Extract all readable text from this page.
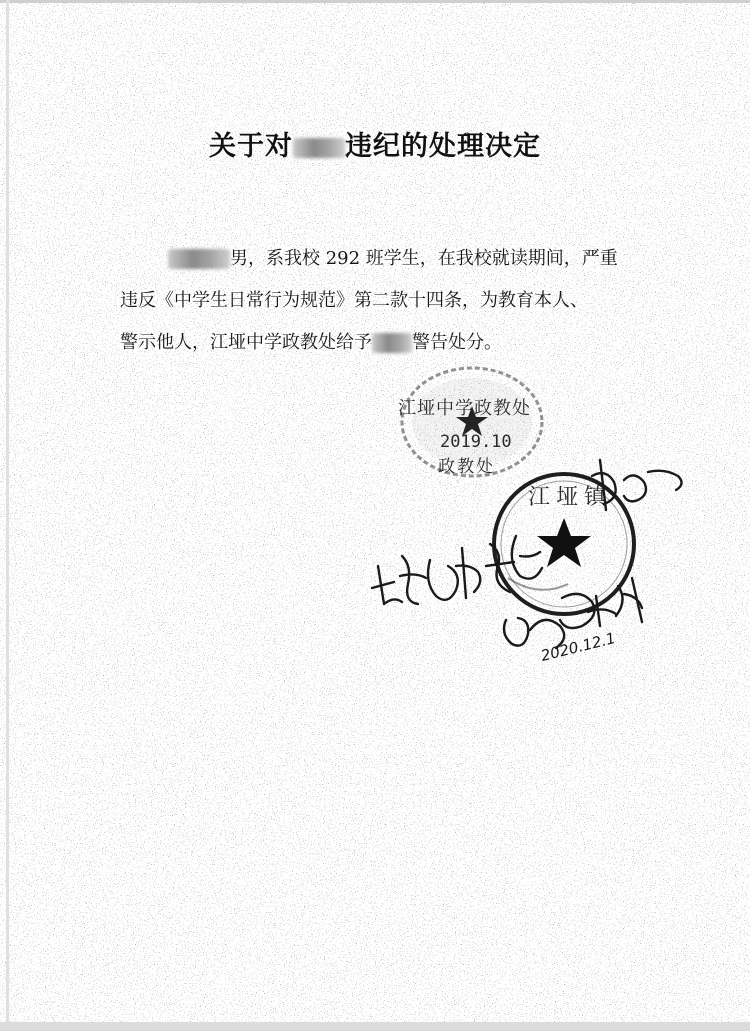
关于对 违纪的处理决定

男，系我校 292 班学生，在我校就读期间，严重

违反《中学生日常行为规范》第二款十四条，为教育本人、

警示他人，江垭中学政教处给予 警告处分。

江垭中学政教处
2019.10
政教处
江垭镇
2020.12.1
